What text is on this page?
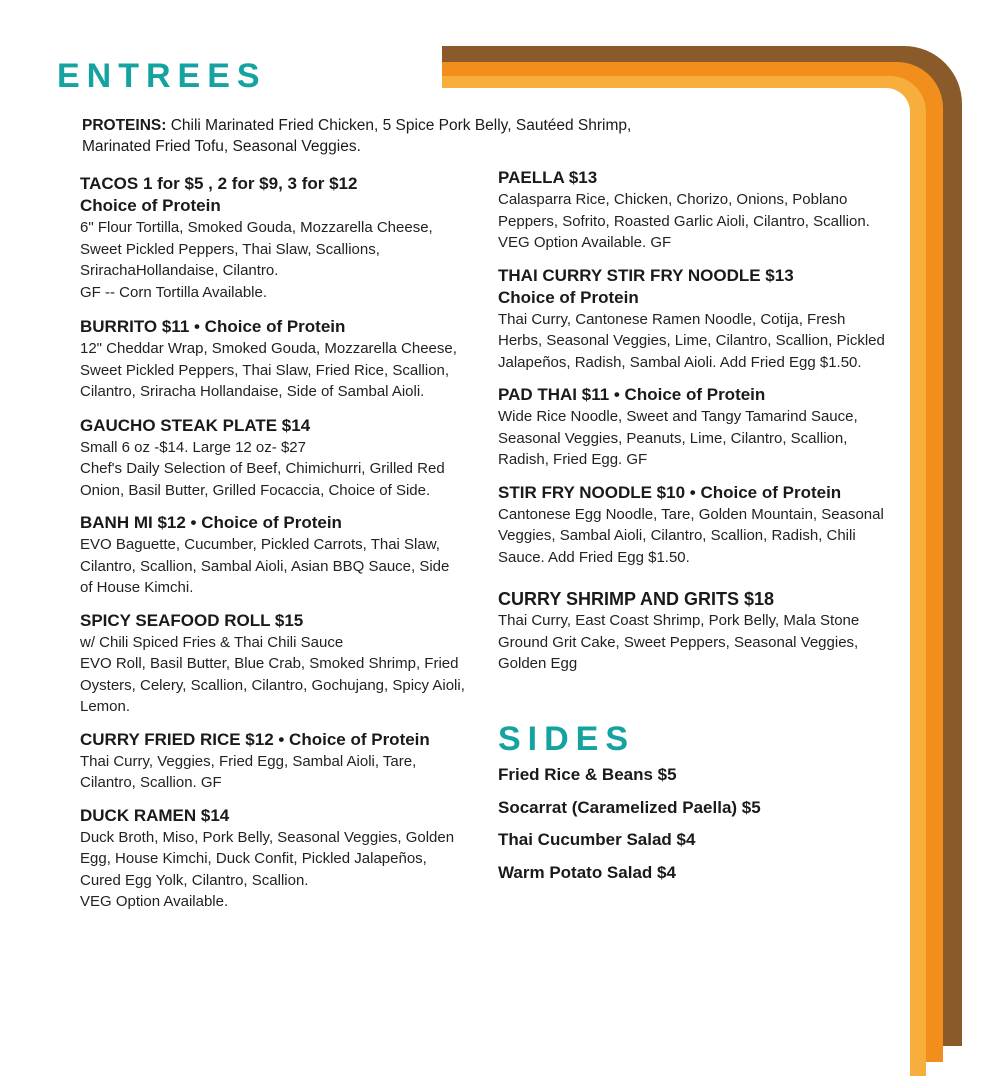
ENTREES

PROTEINS: Chili Marinated Fried Chicken, 5 Spice Pork Belly, Sautéed Shrimp,
Marinated Fried Tofu, Seasonal Veggies.

TACOS 1 for $5 , 2 for $9, 3 for $12

Choice of Protein

6" Flour Tortilla, Smoked Gouda, Mozzarella Cheese, Sweet Pickled Peppers, Thai Slaw, Scallions, SrirachaHollandaise, Cilantro.

GF -- Corn Tortilla Available.

BURRITO $11 • Choice of Protein

12" Cheddar Wrap, Smoked Gouda, Mozzarella Cheese, Sweet Pickled Peppers, Thai Slaw, Fried Rice, Scallion, Cilantro, Sriracha Hollandaise, Side of Sambal Aioli.

GAUCHO STEAK PLATE $14

Small 6 oz -$14. Large 12 oz- $27

Chef's Daily Selection of Beef, Chimichurri, Grilled Red Onion, Basil Butter, Grilled Focaccia, Choice of Side.

BANH MI $12 • Choice of Protein

EVO Baguette, Cucumber, Pickled Carrots, Thai Slaw, Cilantro, Scallion, Sambal Aioli, Asian BBQ Sauce, Side of House Kimchi.

SPICY SEAFOOD ROLL $15

w/ Chili Spiced Fries & Thai Chili Sauce

EVO Roll, Basil Butter, Blue Crab, Smoked Shrimp, Fried Oysters, Celery, Scallion, Cilantro, Gochujang, Spicy Aioli, Lemon.

CURRY FRIED RICE $12 • Choice of Protein

Thai Curry, Veggies, Fried Egg, Sambal Aioli, Tare, Cilantro, Scallion. GF

DUCK RAMEN $14

Duck Broth, Miso, Pork Belly, Seasonal Veggies, Golden Egg, House Kimchi, Duck Confit, Pickled Jalapeños, Cured Egg Yolk, Cilantro, Scallion.

VEG Option Available.

PAELLA $13

Calasparra Rice, Chicken, Chorizo, Onions, Poblano Peppers, Sofrito, Roasted Garlic Aioli, Cilantro, Scallion. VEG Option Available. GF

THAI CURRY STIR FRY NOODLE $13

Choice of Protein

Thai Curry, Cantonese Ramen Noodle, Cotija, Fresh Herbs, Seasonal Veggies, Lime, Cilantro, Scallion, Pickled Jalapeños, Radish, Sambal Aioli. Add Fried Egg $1.50.

PAD THAI $11 • Choice of Protein

Wide Rice Noodle, Sweet and Tangy Tamarind Sauce, Seasonal Veggies, Peanuts, Lime, Cilantro, Scallion, Radish, Fried Egg. GF

STIR FRY NOODLE $10 • Choice of Protein

Cantonese Egg Noodle, Tare, Golden Mountain, Seasonal Veggies, Sambal Aioli, Cilantro, Scallion, Radish, Chili Sauce. Add Fried Egg $1.50.

CURRY SHRIMP AND GRITS $18

Thai Curry, East Coast Shrimp, Pork Belly, Mala Stone Ground Grit Cake, Sweet Peppers, Seasonal Veggies, Golden Egg

SIDES

Fried Rice & Beans $5

Socarrat (Caramelized Paella) $5

Thai Cucumber Salad $4

Warm Potato Salad $4
